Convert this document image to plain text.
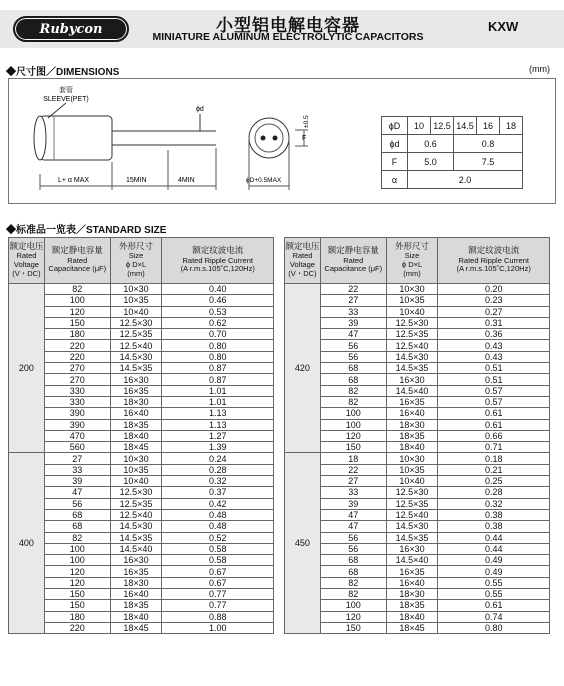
Rubycon	小型铝电解电容器
MINIATURE ALUMINUM ELECTROLYTIC CAPACITORS
KXW
◆尺寸图／DIMENSIONS	(mm)
套管
SLEEVE(PET)
ϕd
L+ α MAX	15MIN	4MIN	ϕD+0.5MAX
F
±0.5	ϕD	10	12.5	14.5	16	18
ϕd	0.6		0.8		
F	5.0		7.5		
α	2.0				
◆标准品一览表／STANDARD SIZE
额定电压
Rated
Voltage
(V・DC)	额定静电容量
Rated
Capacitance (μF)	外形尺寸
Size
ϕ D×L
(mm)	额定纹波电流
Rated Ripple Current
(A r.m.s.105˚C,120Hz)

200	82	10×30	0.40
	100	10×35	0.46
	120	10×40	0.53
	150	12.5×30	0.62
	180	12.5×35	0.70
	220	12.5×40	0.80
	220	14.5×30	0.80
	270	14.5×35	0.87
	270	16×30	0.87
	330	16×35	1.01
	330	18×30	1.01
	390	16×40	1.13
	390	18×35	1.13
	470	18×40	1.27
	560	18×45	1.39
400	27	10×30	0.24
	33	10×35	0.28
	39	10×40	0.32
	47	12.5×30	0.37
	56	12.5×35	0.42
	68	12.5×40	0.48
	68	14.5×30	0.48
	82	14.5×35	0.52
	100	14.5×40	0.58
	100	16×30	0.58
	120	16×35	0.67
	120	18×30	0.67
	150	16×40	0.77
	150	18×35	0.77
	180	18×40	0.88
	220	18×45	1.00
额定电压
Rated
Voltage
(V・DC)	额定静电容量
Rated
Capacitance (μF)	外形尺寸
Size
ϕ D×L
(mm)	额定纹波电流
Rated Ripple Current
(A r.m.s.105˚C,120Hz)

420	22	10×30	0.20
	27	10×35	0.23
	33	10×40	0.27
	39	12.5×30	0.31
	47	12.5×35	0.36
	56	12.5×40	0.43
	56	14.5×30	0.43
	68	14.5×35	0.51
	68	16×30	0.51
	82	14.5×40	0.57
	82	16×35	0.57
	100	16×40	0.61
	100	18×30	0.61
	120	18×35	0.66
	150	18×40	0.71
450	18	10×30	0.18
	22	10×35	0.21
	27	10×40	0.25
	33	12.5×30	0.28
	39	12.5×35	0.32
	47	12.5×40	0.38
	47	14.5×30	0.38
	56	14.5×35	0.44
	56	16×30	0.44
	68	14.5×40	0.49
	68	16×35	0.49
	82	16×40	0.55
	82	18×30	0.55
	100	18×35	0.61
	120	18×40	0.74
	150	18×45	0.80
